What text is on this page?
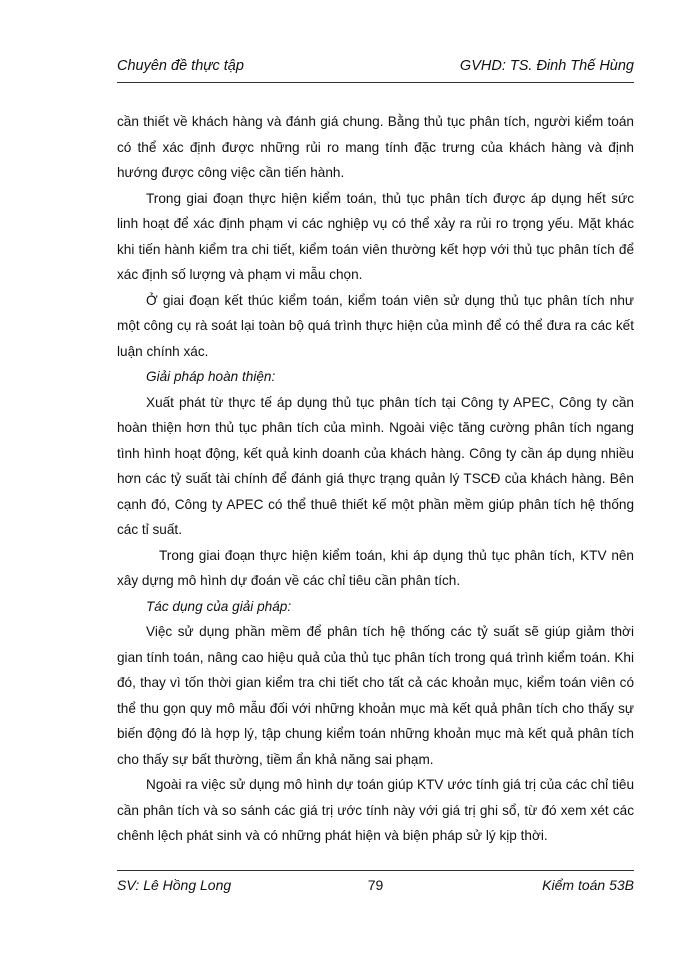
Chuyên đề thực tập	GVHD: TS. Đinh Thế Hùng

cần thiết về khách hàng và đánh giá chung. Bằng thủ tục phân tích, người kiểm toán có thể xác định được những rủi ro mang tính đặc trưng của khách hàng và định hướng được công việc cần tiến hành.

Trong giai đoạn thực hiện kiểm toán, thủ tục phân tích được áp dụng hết sức linh hoạt để xác định phạm vi các nghiệp vụ có thể xảy ra rủi ro trọng yếu. Mặt khác khi tiến hành kiểm tra chi tiết, kiểm toán viên thường kết hợp với thủ tục phân tích để xác định số lượng và phạm vi mẫu chọn.

Ở giai đoạn kết thúc kiểm toán, kiểm toán viên sử dụng thủ tục phân tích như một công cụ rà soát lại toàn bộ quá trình thực hiện của mình để có thể đưa ra các kết luận chính xác.

Giải pháp hoàn thiện:

Xuất phát từ thực tế áp dụng thủ tục phân tích tại Công ty APEC, Công ty cần hoàn thiện hơn thủ tục phân tích của mình. Ngoài việc tăng cường phân tích ngang tình hình hoạt động, kết quả kinh doanh của khách hàng. Công ty cần áp dụng nhiều hơn các tỷ suất tài chính để đánh giá thực trạng quản lý TSCĐ của khách hàng. Bên cạnh đó, Công ty APEC có thể thuê thiết kế một phần mềm giúp phân tích hệ thống các tỉ suất.

Trong giai đoạn thực hiện kiểm toán, khi áp dụng thủ tục phân tích, KTV nên xây dựng mô hình dự đoán về các chỉ tiêu cần phân tích.

Tác dụng của giải pháp:

Việc sử dụng phần mềm để phân tích hệ thống các tỷ suất sẽ giúp giảm thời gian tính toán, nâng cao hiệu quả của thủ tục phân tích trong quá trình kiểm toán. Khi đó, thay vì tốn thời gian kiểm tra chi tiết cho tất cả các khoản mục, kiểm toán viên có thể thu gọn quy mô mẫu đối với những khoản mục mà kết quả phân tích cho thấy sự biến động đó là hợp lý, tập chung kiểm toán những khoản mục mà kết quả phân tích cho thấy sự bất thường, tiềm ẩn khả năng sai phạm.

Ngoài ra việc sử dụng mô hình dự toán giúp KTV ước tính giá trị của các chỉ tiêu cần phân tích và so sánh các giá trị ước tính này với giá trị ghi sổ, từ đó xem xét các chênh lệch phát sinh và có những phát hiện và biện pháp sử lý kịp thời.

SV: Lê Hồng Long	79	Kiểm toán 53B
